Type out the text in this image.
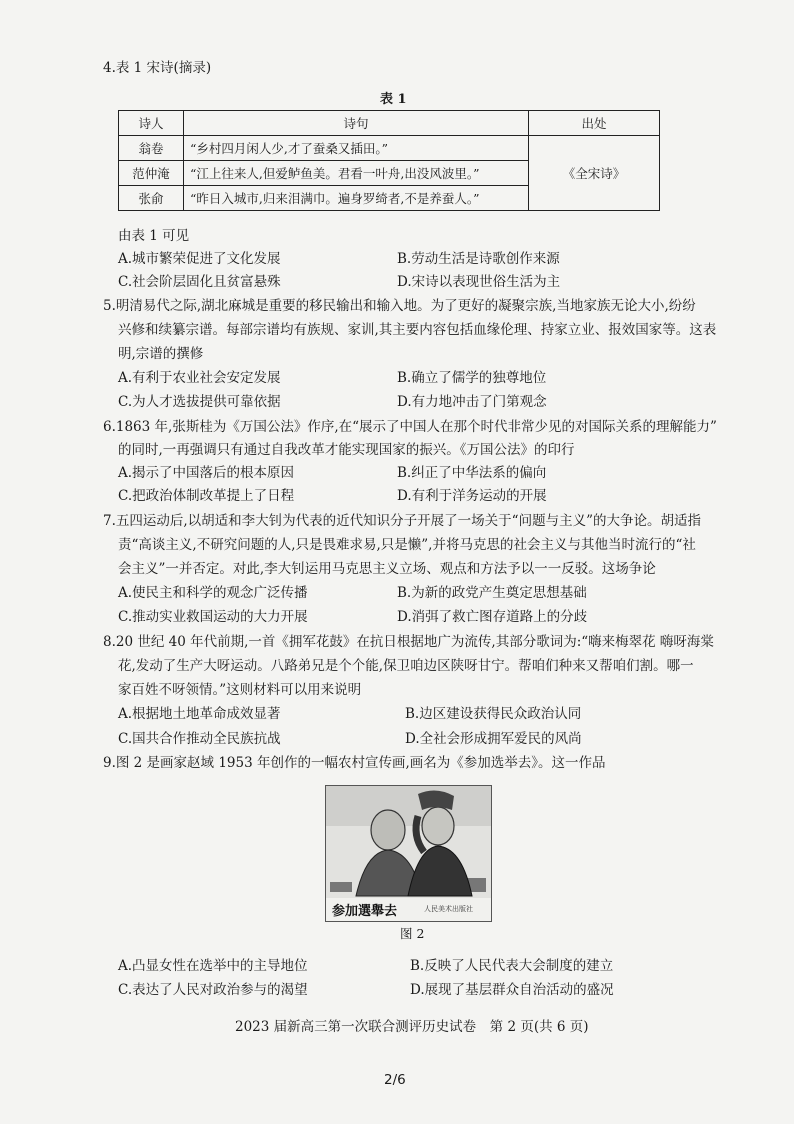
4.表 1 宋诗(摘录)
表 1
诗人	诗句	出处
翁卷	“乡村四月闲人少,才了蚕桑又插田。”	《全宋诗》
范仲淹	“江上往来人,但爱鲈鱼美。君看一叶舟,出没风波里。”	
张俞	“昨日入城市,归来泪满巾。遍身罗绮者,不是养蚕人。”	
由表 1 可见
A.城市繁荣促进了文化发展	B.劳动生活是诗歌创作来源
C.社会阶层固化且贫富悬殊	D.宋诗以表现世俗生活为主
5.明清易代之际,湖北麻城是重要的移民输出和输入地。为了更好的凝聚宗族,当地家族无论大小,纷纷
兴修和续纂宗谱。每部宗谱均有族规、家训,其主要内容包括血缘伦理、持家立业、报效国家等。这表
明,宗谱的撰修
A.有利于农业社会安定发展	B.确立了儒学的独尊地位
C.为人才选拔提供可靠依据	D.有力地冲击了门第观念
6.1863 年,张斯桂为《万国公法》作序,在“展示了中国人在那个时代非常少见的对国际关系的理解能力”
的同时,一再强调只有通过自我改革才能实现国家的振兴。《万国公法》的印行
A.揭示了中国落后的根本原因	B.纠正了中华法系的偏向
C.把政治体制改革提上了日程	D.有利于洋务运动的开展
7.五四运动后,以胡适和李大钊为代表的近代知识分子开展了一场关于“问题与主义”的大争论。胡适指
责“高谈主义,不研究问题的人,只是畏难求易,只是懒”,并将马克思的社会主义与其他当时流行的“社
会主义”一并否定。对此,李大钊运用马克思主义立场、观点和方法予以一一反驳。这场争论
A.使民主和科学的观念广泛传播	B.为新的政党产生奠定思想基础
C.推动实业救国运动的大力开展	D.消弭了救亡图存道路上的分歧
8.20 世纪 40 年代前期,一首《拥军花鼓》在抗日根据地广为流传,其部分歌词为:“嗨来梅翠花 嗨呀海棠
花,发动了生产大呀运动。八路弟兄是个个能,保卫咱边区陕呀甘宁。帮咱们种来又帮咱们割。哪一
家百姓不呀领情。”这则材料可以用来说明
A.根据地土地革命成效显著	B.边区建设获得民众政治认同
C.国共合作推动全民族抗战	D.全社会形成拥军爱民的风尚
9.图 2 是画家赵域 1953 年创作的一幅农村宣传画,画名为《参加选举去》。这一作品
参加選舉去	人民美术出版社
图 2
A.凸显女性在选举中的主导地位	B.反映了人民代表大会制度的建立
C.表达了人民对政治参与的渴望	D.展现了基层群众自治活动的盛况
2023 届新高三第一次联合测评历史试卷　第 2 页(共 6 页)
2/6
